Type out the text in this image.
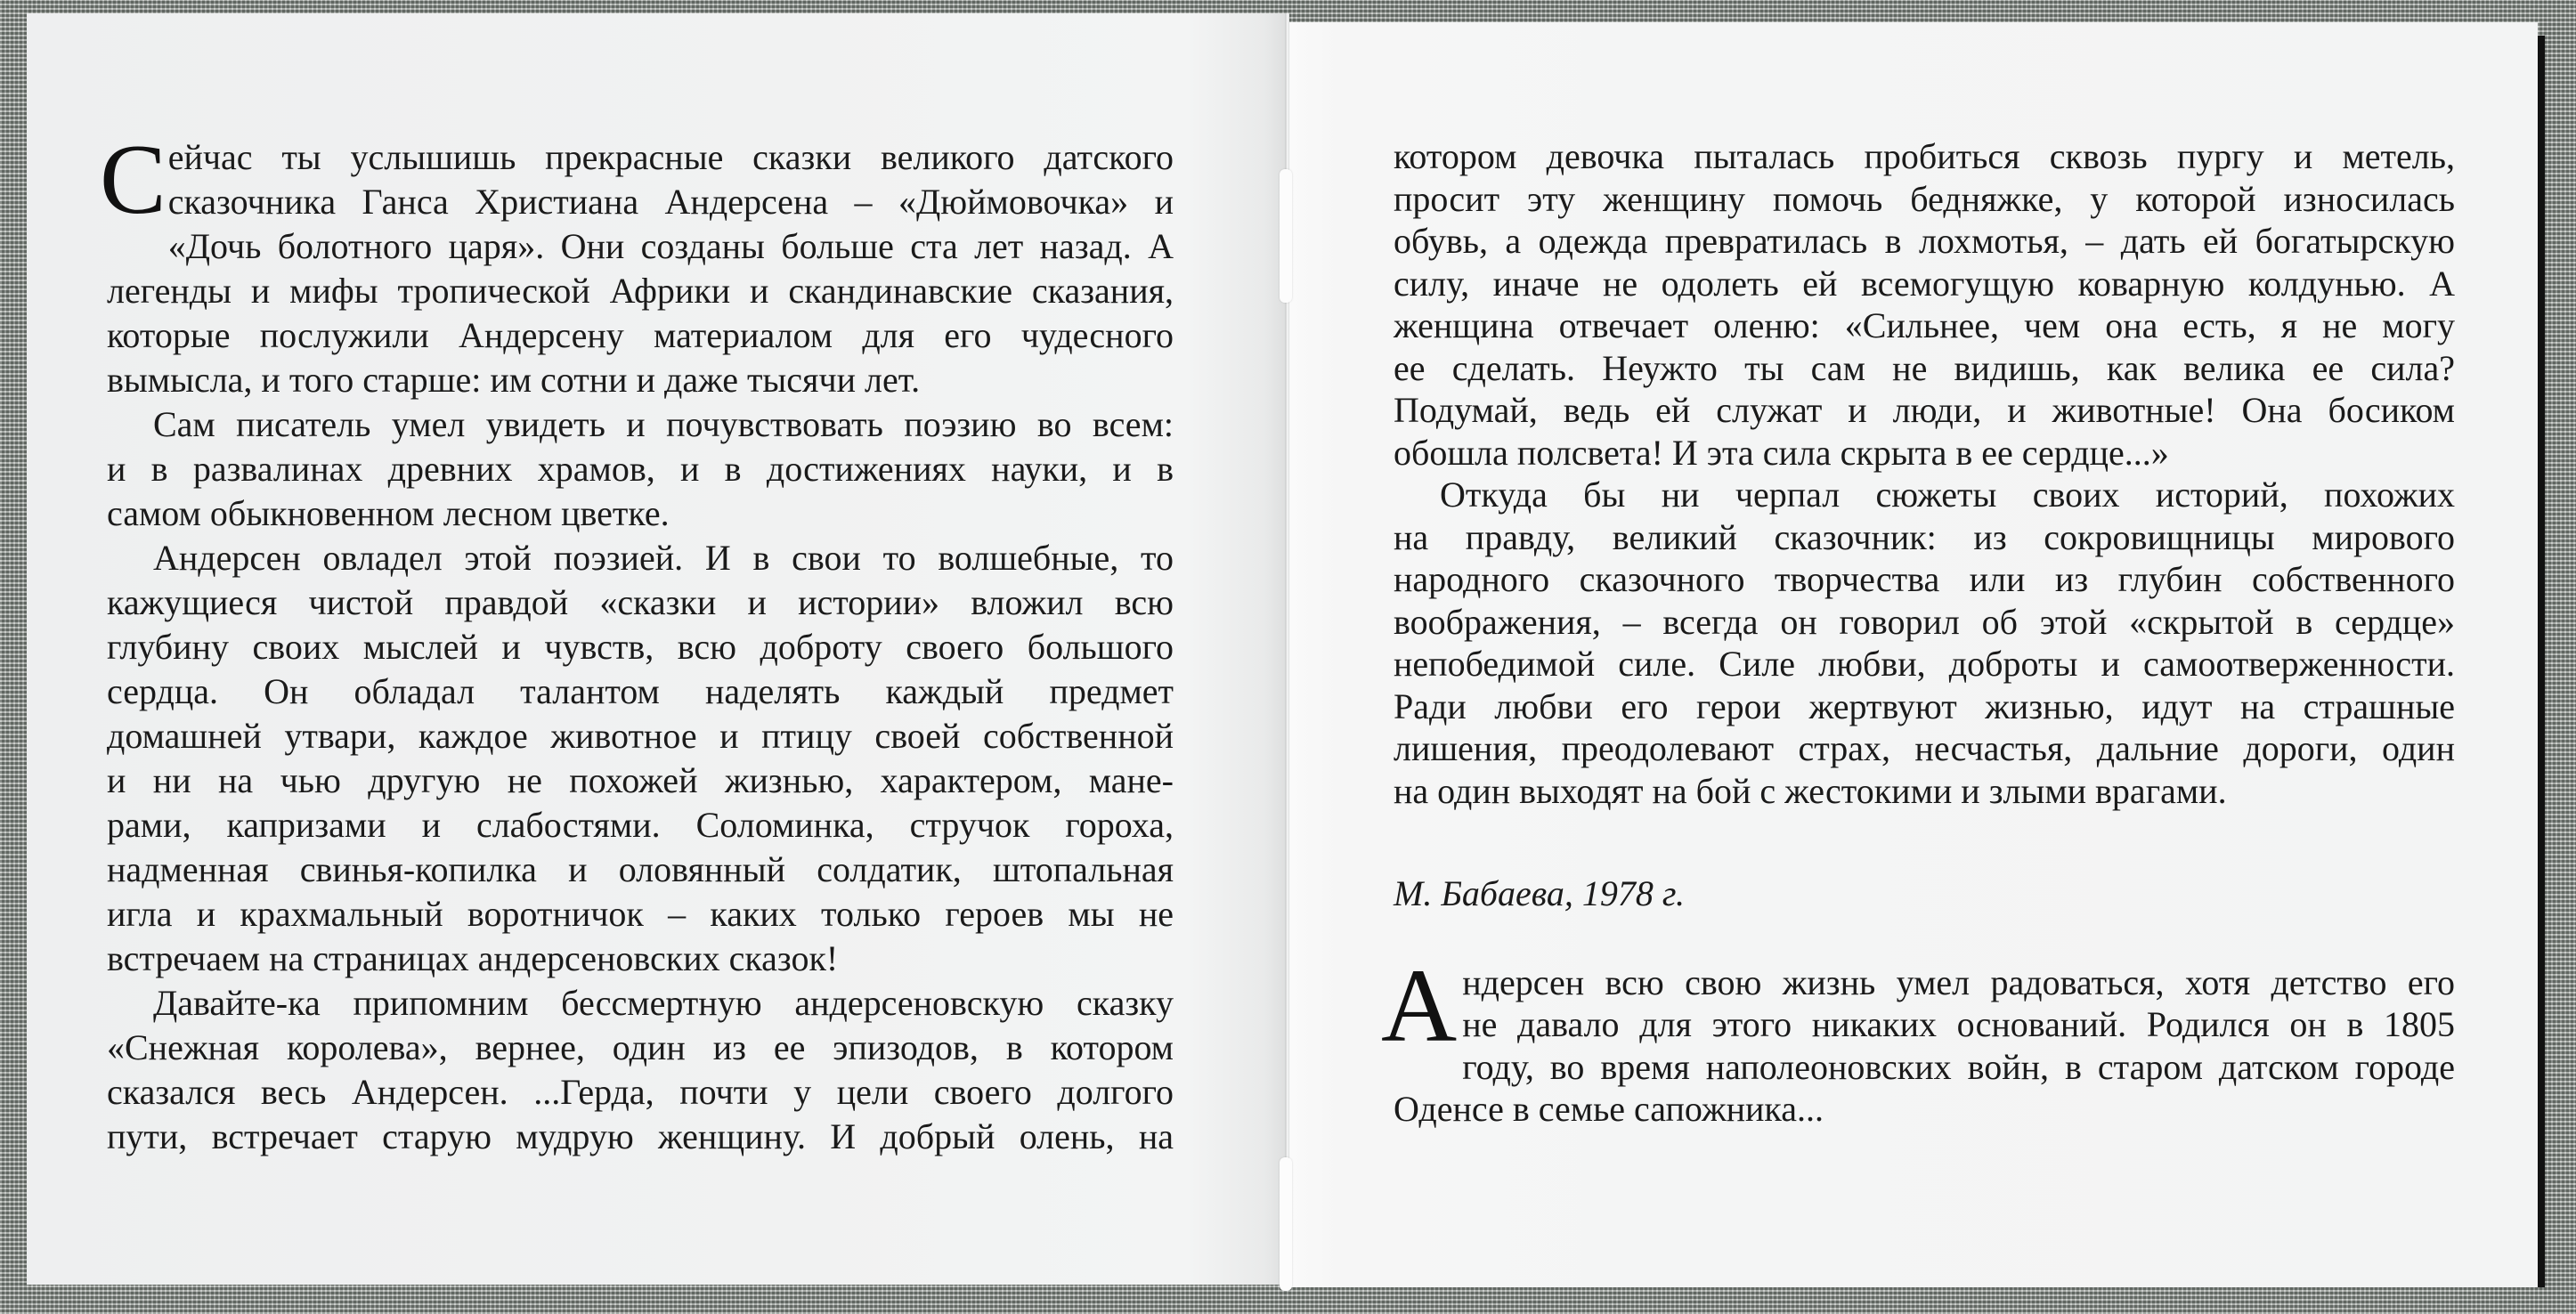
С ейчас ты услышишь прекрасные сказки великого датского
сказочника Ганса Христиана Андерсена – «Дюймовочка» и
«Дочь болотного царя». Они созданы больше ста лет назад. А
легенды и мифы тропической Африки и скандинавские сказания,
которые послужили Андерсену материалом для его чудесного
вымысла, и того старше: им сотни и даже тысячи лет.
Сам писатель умел увидеть и почувствовать поэзию во всем:
и в развалинах древних храмов, и в достижениях науки, и в
самом обыкновенном лесном цветке.
Андерсен овладел этой поэзией. И в свои то волшебные, то
кажущиеся чистой правдой «сказки и истории» вложил всю
глубину своих мыслей и чувств, всю доброту своего большого
сердца. Он обладал талантом наделять каждый предмет
домашней утвари, каждое животное и птицу своей собственной
и ни на чью другую не похожей жизнью, характером, мане-
рами, капризами и слабостями. Соломинка, стручок гороха,
надменная свинья-копилка и оловянный солдатик, штопальная
игла и крахмальный воротничок – каких только героев мы не
встречаем на страницах андерсеновских сказок!
Давайте-ка припомним бессмертную андерсеновскую сказку
«Снежная королева», вернее, один из ее эпизодов, в котором
сказался весь Андерсен. ...Герда, почти у цели своего долгого
пути, встречает старую мудрую женщину. И добрый олень, на
котором девочка пыталась пробиться сквозь пургу и метель,
просит эту женщину помочь бедняжке, у которой износилась
обувь, а одежда превратилась в лохмотья, – дать ей богатырскую
силу, иначе не одолеть ей всемогущую коварную колдунью. А
женщина отвечает оленю: «Сильнее, чем она есть, я не могу
ее сделать. Неужто ты сам не видишь, как велика ее сила?
Подумай, ведь ей служат и люди, и животные! Она босиком
обошла полсвета! И эта сила скрыта в ее сердце...»
Откуда бы ни черпал сюжеты своих историй, похожих
на правду, великий сказочник: из сокровищницы мирового
народного сказочного творчества или из глубин собственного
воображения, – всегда он говорил об этой «скрытой в сердце»
непобедимой силе. Силе любви, доброты и самоотверженности.
Ради любви его герои жертвуют жизнью, идут на страшные
лишения, преодолевают страх, несчастья, дальние дороги, один
на один выходят на бой с жестокими и злыми врагами.
М. Бабаева, 1978 г.
А ндерсен всю свою жизнь умел радоваться, хотя детство его
не давало для этого никаких оснований. Родился он в 1805
году, во время наполеоновских войн, в старом датском городе
Оденсе в семье сапожника...
